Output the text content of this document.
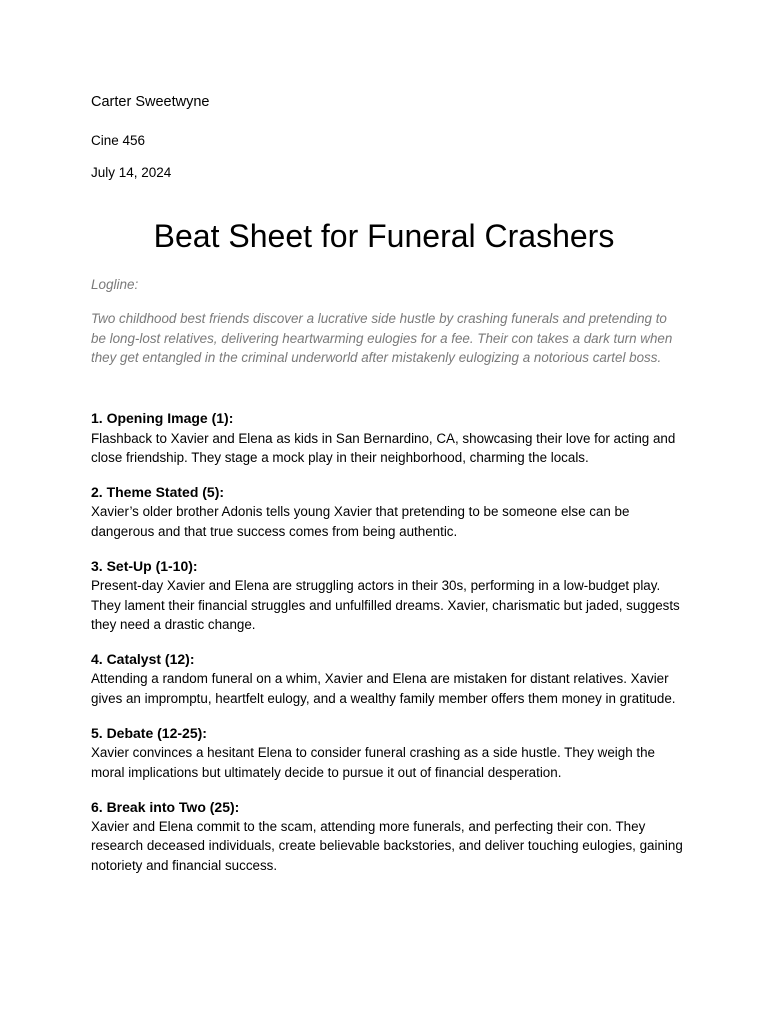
Carter Sweetwyne
Cine 456
July 14, 2024
Beat Sheet for Funeral Crashers
Logline:
Two childhood best friends discover a lucrative side hustle by crashing funerals and pretending to be long-lost relatives, delivering heartwarming eulogies for a fee. Their con takes a dark turn when they get entangled in the criminal underworld after mistakenly eulogizing a notorious cartel boss.
1. Opening Image (1):
Flashback to Xavier and Elena as kids in San Bernardino, CA, showcasing their love for acting and close friendship. They stage a mock play in their neighborhood, charming the locals.
2. Theme Stated (5):
Xavier’s older brother Adonis tells young Xavier that pretending to be someone else can be dangerous and that true success comes from being authentic.
3. Set-Up (1-10):
Present-day Xavier and Elena are struggling actors in their 30s, performing in a low-budget play. They lament their financial struggles and unfulfilled dreams. Xavier, charismatic but jaded, suggests they need a drastic change.
4. Catalyst (12):
Attending a random funeral on a whim, Xavier and Elena are mistaken for distant relatives. Xavier gives an impromptu, heartfelt eulogy, and a wealthy family member offers them money in gratitude.
5. Debate (12-25):
Xavier convinces a hesitant Elena to consider funeral crashing as a side hustle. They weigh the moral implications but ultimately decide to pursue it out of financial desperation.
6. Break into Two (25):
Xavier and Elena commit to the scam, attending more funerals, and perfecting their con. They research deceased individuals, create believable backstories, and deliver touching eulogies, gaining notoriety and financial success.
